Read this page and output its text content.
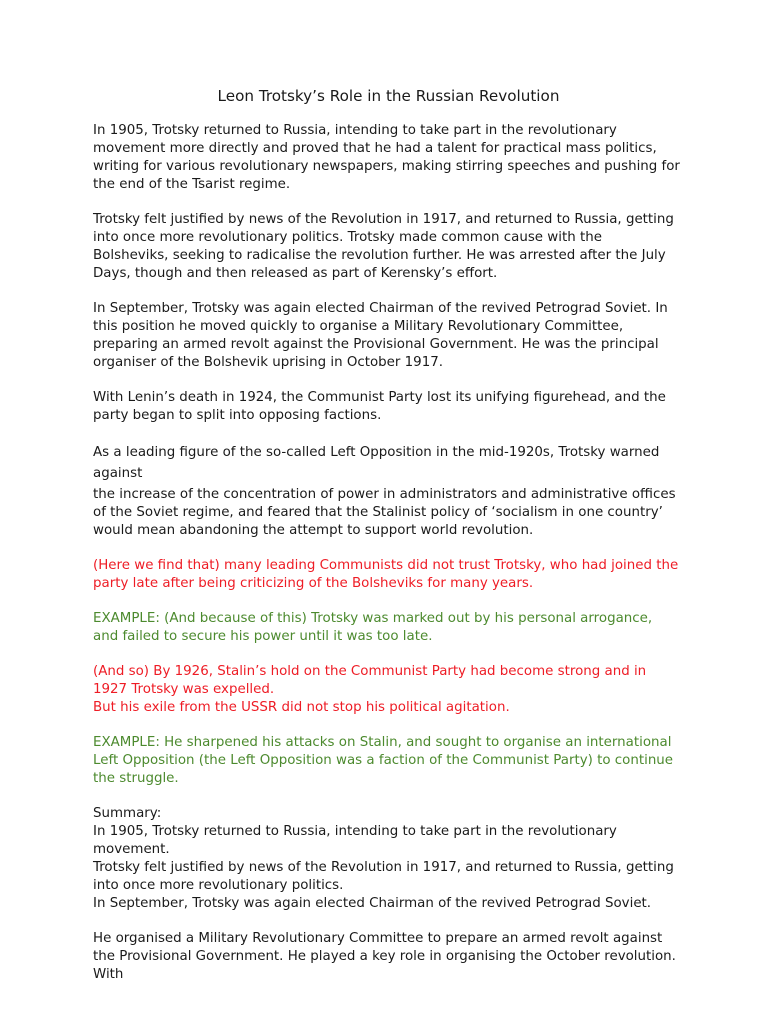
Leon Trotsky’s Role in the Russian Revolution

In 1905, Trotsky returned to Russia, intending to take part in the revolutionary movement more directly and proved that he had a talent for practical mass politics, writing for various revolutionary newspapers, making stirring speeches and pushing for the end of the Tsarist regime.

Trotsky felt justified by news of the Revolution in 1917, and returned to Russia, getting into once more revolutionary politics. Trotsky made common cause with the Bolsheviks, seeking to radicalise the revolution further. He was arrested after the July Days, though and then released as part of Kerensky’s effort.

In September, Trotsky was again elected Chairman of the revived Petrograd Soviet. In this position he moved quickly to organise a Military Revolutionary Committee, preparing an armed revolt against the Provisional Government. He was the principal organiser of the Bolshevik uprising in October 1917.

With Lenin’s death in 1924, the Communist Party lost its unifying figurehead, and the party began to split into opposing factions.

As a leading figure of the so-called Left Opposition in the mid-1920s, Trotsky warned against
the increase of the concentration of power in administrators and administrative offices of the Soviet regime, and feared that the Stalinist policy of ‘socialism in one country’ would mean abandoning the attempt to support world revolution.

(Here we find that) many leading Communists did not trust Trotsky, who had joined the party late after being criticizing of the Bolsheviks for many years.

EXAMPLE: (And because of this) Trotsky was marked out by his personal arrogance, and failed to secure his power until it was too late.

(And so) By 1926, Stalin’s hold on the Communist Party had become strong and in 1927 Trotsky was expelled.
But his exile from the USSR did not stop his political agitation.

EXAMPLE: He sharpened his attacks on Stalin, and sought to organise an international Left Opposition (the Left Opposition was a faction of the Communist Party) to continue the struggle.

Summary:
In 1905, Trotsky returned to Russia, intending to take part in the revolutionary movement.
Trotsky felt justified by news of the Revolution in 1917, and returned to Russia, getting into once more revolutionary politics.
In September, Trotsky was again elected Chairman of the revived Petrograd Soviet.

He organised a Military Revolutionary Committee to prepare an armed revolt against the Provisional Government. He played a key role in organising the October revolution. With
